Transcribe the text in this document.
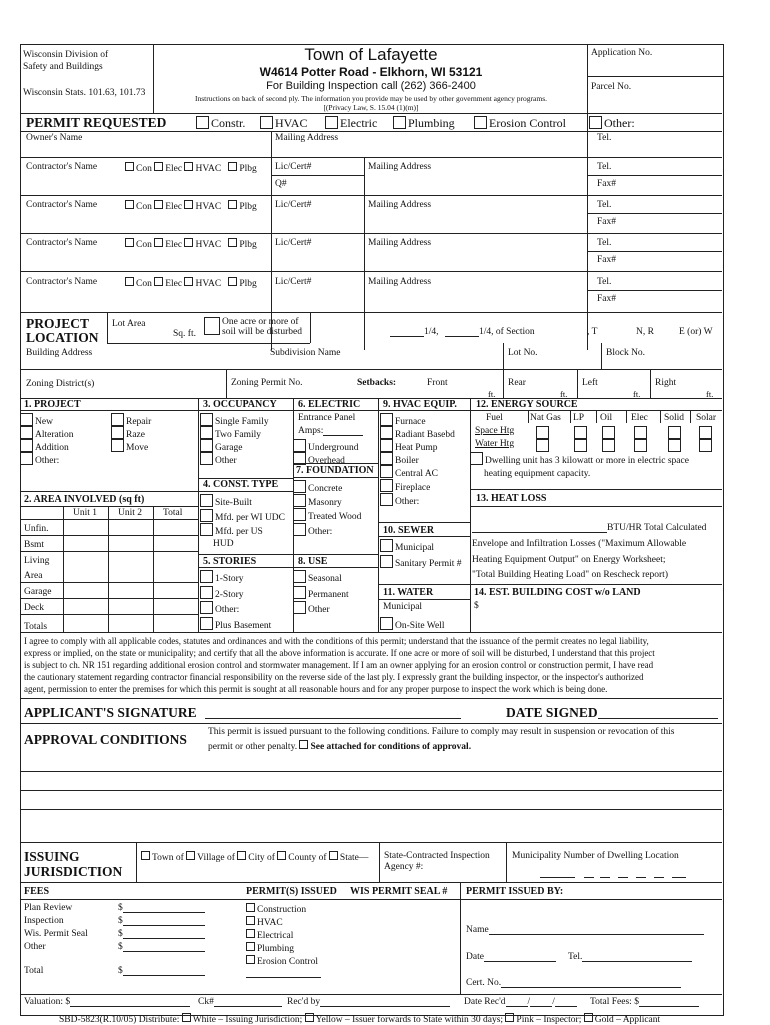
Wisconsin Division of
Safety and Buildings
Wisconsin Stats. 101.63, 101.73
Town of Lafayette
W4614 Potter Road - Elkhorn, WI 53121
For Building Inspection call (262) 366-2400
Instructions on back of second ply. The information you provide may be used by other government agency programs.
[(Privacy Law, S. 15.04 (1)(m)]
Application No.
Parcel No.
PERMIT REQUESTED	Constr.	HVAC	Electric	Plumbing	Erosion Control	Other:
Owner's Name	Mailing Address	Tel.
Contractor's Name	Con Elec HVAC Plbg Lic/Cert#	Mailing Address	Tel.
Fax#
Q#
Contractor's Name	Con Elec HVAC Plbg Lic/Cert#	Mailing Address	Tel.
Fax#
Contractor's Name	Con Elec HVAC Plbg Lic/Cert#	Mailing Address	Tel.
Fax#
Contractor's Name	Con Elec HVAC Plbg Lic/Cert#	Mailing Address	Tel.
Fax#
PROJECT
LOCATION
Lot Area
Sq. ft.
One acre or more of
soil will be disturbed	1/4,	1/4, of Section	, T	N, R	E (or) W
Building Address	Subdivision Name	Lot No.	Block No.
Zoning District(s)	Zoning Permit No.	Setbacks:	Front	Rear	Left	Right
ft.	ft.	ft.	ft.
1. PROJECT
New
Alteration
Addition
Other:
Repair
Raze
Move
2. AREA INVOLVED (sq ft)
Unit 1 Unit 2 Total
Unfin.
Bsmt
Living
Area
Garage
Deck
Totals
3. OCCUPANCY
Single Family
Two Family
Garage
Other
4. CONST. TYPE
Site-Built
Mfd. per WI UDC
Mfd. per US
HUD
5. STORIES
1-Story
2-Story
Other:
Plus Basement
6. ELECTRIC
Entrance Panel
Amps:
Underground
Overhead
7. FOUNDATION
Concrete
Masonry
Treated Wood
Other:
8. USE
Seasonal
Permanent
Other
9. HVAC EQUIP.
Furnace
Radiant Basebd
Heat Pump
Boiler
Central AC
Fireplace
Other:
10. SEWER
Municipal
Sanitary Permit #
11. WATER
Municipal
On-Site Well
12. ENERGY SOURCE
Fuel	Nat Gas LP Oil Elec Solid Solar
Space Htg
Water Htg
Dwelling unit has 3 kilowatt or more in electric space
heating equipment capacity.
13. HEAT LOSS
BTU/HR Total Calculated
Envelope and Infiltration Losses ("Maximum Allowable
Heating Equipment Output" on Energy Worksheet;
"Total Building Heating Load" on Rescheck report)
14. EST. BUILDING COST w/o LAND
$
I agree to comply with all applicable codes, statutes and ordinances and with the conditions of this permit; understand that the issuance of the permit creates no legal liability,
express or implied, on the state or municipality; and certify that all the above information is accurate. If one acre or more of soil will be disturbed, I understand that this project
is subject to ch. NR 151 regarding additional erosion control and stormwater management. If I am an owner applying for an erosion control or construction permit, I have read
the cautionary statement regarding contractor financial responsibility on the reverse side of the last ply. I expressly grant the building inspector, or the inspector's authorized
agent, permission to enter the premises for which this permit is sought at all reasonable hours and for any proper purpose to inspect the work which is being done.
APPLICANT'S SIGNATURE	DATE SIGNED
APPROVAL CONDITIONS This permit is issued pursuant to the following conditions. Failure to comply may result in suspension or revocation of this
permit or other penalty. See attached for conditions of approval.
ISSUING
JURISDICTION
Town of Village of City of County of State— State-Contracted Inspection
Agency #:
Municipality Number of Dwelling Location
FEES	PERMIT(S) ISSUED WIS PERMIT SEAL # PERMIT ISSUED BY:
Plan Review	$
Inspection	$
Wis. Permit Seal	$
Other	$
Total	$
Construction
HVAC
Electrical
Plumbing
Erosion Control
Name
Date	Tel.
Cert. No.
Valuation: $	Ck#	Rec'd by	Date Rec'd / /	Total Fees: $
SBD-5823(R.10/05) Distribute: White – Issuing Jurisdiction; Yellow – Issuer forwards to State within 30 days; Pink – Inspector; Gold – Applicant
